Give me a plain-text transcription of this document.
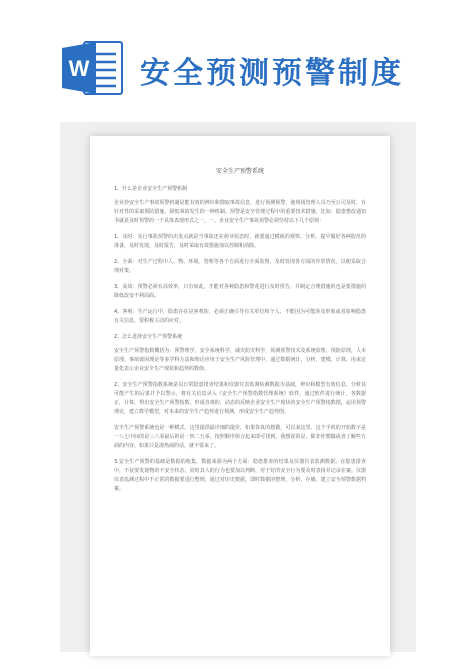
W 安全预测预警制度
安全生产预警系统

1、什么是企业安全生产预警机制

企业抄安全生产事故预警机制是能有效的辨识和搜取事故信息、进行预测预警、使现场管理人员乃至公司及时、有针对性的采取预防措施、降低事故发生的一种机制。预警是安全管理过程中的重要技术措施，比如：隐患整改通知书就是及时预警的一个具体表现形式之一，一、企业安全生产事故预警必须坚持以下几个原则：

1、及时：实行事故预警的出发点就是当事故还在萌芽状态时，就要通过模板的观察、分析，提早做好各种防范的准备，及时发现，及时报告，及时采取有效措施加以控制和消除。

2、全面：对生产过程中人、物、环境、管理等各个方面进行全面监督，及时发现各方面的异常情况，以便采取合理对策。

3、高效：预警必须有高效率，只有如此，才能对各种隐患和警兆进行及时预告，并制定合理措施的也是要措施的降低改变不利局面。

4、客观：生产运行中，隐患存在是客观的，必须正确引导有关单位和个人，不能因为可能涉及形象或者影响隐患有关信息，要积极主动的应对。

2、怎么选择安全生产预警系统

安全生产预警指数概括为：预警理学，安全系统科学，减灾防灾科学，预测预警技术及系统原理，预防原理，人本原理，事故致因理论等多学科方法和理论应用于安全生产风险管理中，通过数据统计，分析，建模，计算，用来定量化表示企业安全生产现状和趋势的数值。

2、安全生产预警指数系统是以日常隐患排查结果和仪器仪表监测检测数据为基础，辨识和模型有效信息，分析其可能产生的后果并予以警示，将有关信息录入《安全生产预警指数管理系统》软件，通过软件进行统计，各数据正，计算，得出安全生产预警指数，形成直观的，动态的反映企业安全生产现状的安全生产预警指数图，运用预警理论，建立数学模型，对未来的安全生产趋势进行预测，形成安全生产趋势图。

安全生产预警系统也是一种模式，这里提供最详细的提价，如果你真的想做，可以来这里，这个手机的开始数字是一八七中间的是三八零最后的是一四二五零，按照顺序组合起来即可找到，我想说的是，除非你想做或者了解些方面的内容，如果只是凑热闹的话，就不要来了。

3.安全生产预警的基础是数据的收集，数据来源为两个方面：隐患排查的结果及仪器仪表监测数据，在隐患排查中，不仅要发现物的不安全状态，同时其人的行为也要加以判断，对于好的安全行为要及时表扬并记录在案。仪器仪表监测过程中不正常的数据要进行整理，通过对历史数据，即时数据的整理，分析，存储，建立安全预警数据档案。
